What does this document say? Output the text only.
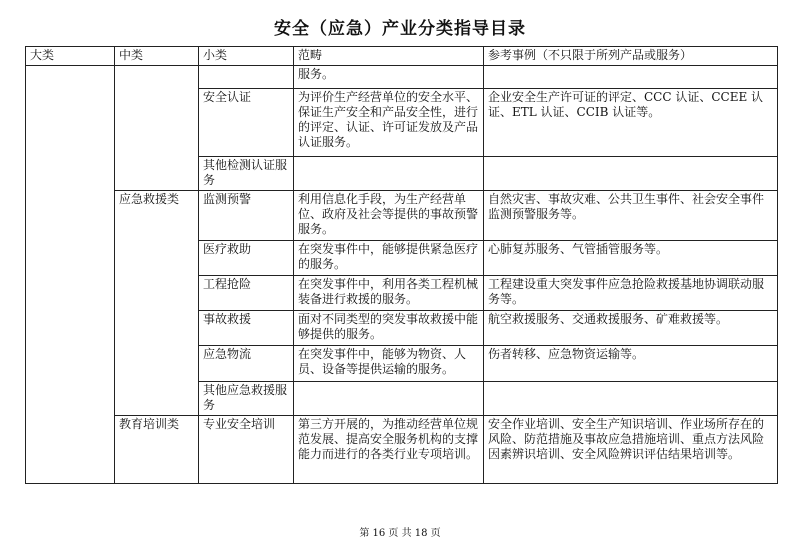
安全（应急）产业分类指导目录
大类	中类	小类	范畴	参考事例（不只限于所列产品或服务）
			服务。	
		安全认证	为评价生产经营单位的安全水平、保证生产安全和产品安全性，进行的评定、认证、许可证发放及产品认证服务。	企业安全生产许可证的评定、CCC 认证、CCEE 认证、ETL 认证、CCIB 认证等。
		其他检测认证服务		
	应急救援类	监测预警	利用信息化手段，为生产经营单位、政府及社会等提供的事故预警服务。	自然灾害、事故灾难、公共卫生事件、社会安全事件监测预警服务等。
		医疗救助	在突发事件中，能够提供紧急医疗的服务。	心肺复苏服务、气管插管服务等。
		工程抢险	在突发事件中，利用各类工程机械装备进行救援的服务。	工程建设重大突发事件应急抢险救援基地协调联动服务等。
		事故救援	面对不同类型的突发事故救援中能够提供的服务。	航空救援服务、交通救援服务、矿难救援等。
		应急物流	在突发事件中，能够为物资、人员、设备等提供运输的服务。	伤者转移、应急物资运输等。
		其他应急救援服务		
	教育培训类	专业安全培训	第三方开展的，为推动经营单位规范发展、提高安全服务机构的支撑能力而进行的各类行业专项培训。	安全作业培训、安全生产知识培训、作业场所存在的风险、防范措施及事故应急措施培训、重点方法风险因素辨识培训、安全风险辨识评估结果培训等。
第 16 页 共 18 页
